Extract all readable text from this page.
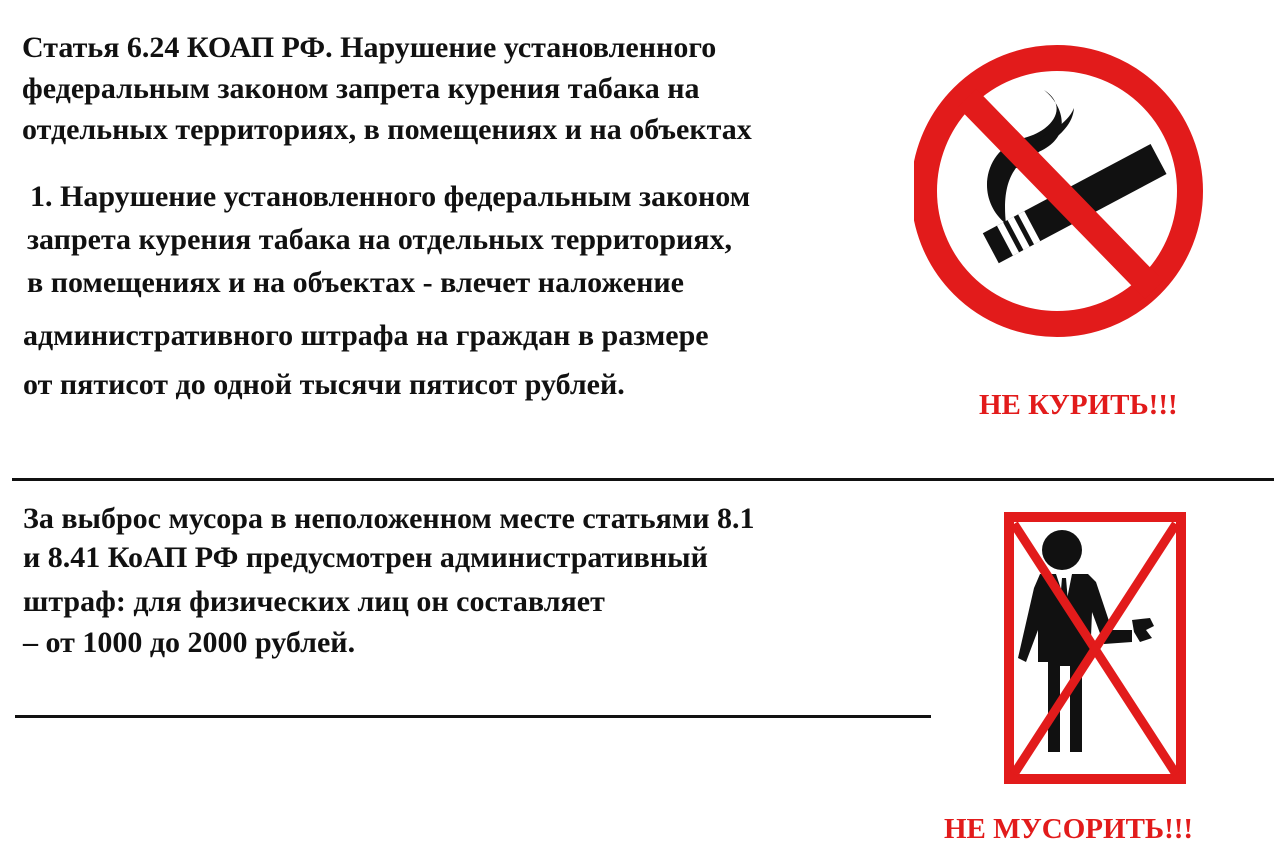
Статья 6.24 КОАП РФ. Нарушение установленного
федеральным законом запрета курения табака на
отдельных территориях, в помещениях и на объектах
1. Нарушение установленного федеральным законом
запрета курения табака на отдельных территориях,
в помещениях и на объектах - влечет наложение
административного штрафа на граждан в размере
от пятисот до одной тысячи пятисот рублей.
НЕ КУРИТЬ!!!
За выброс мусора в неположенном месте статьями 8.1
и 8.41 КоАП РФ предусмотрен административный
штраф: для физических лиц он составляет
– от 1000 до 2000 рублей.
НЕ МУСОРИТЬ!!!
